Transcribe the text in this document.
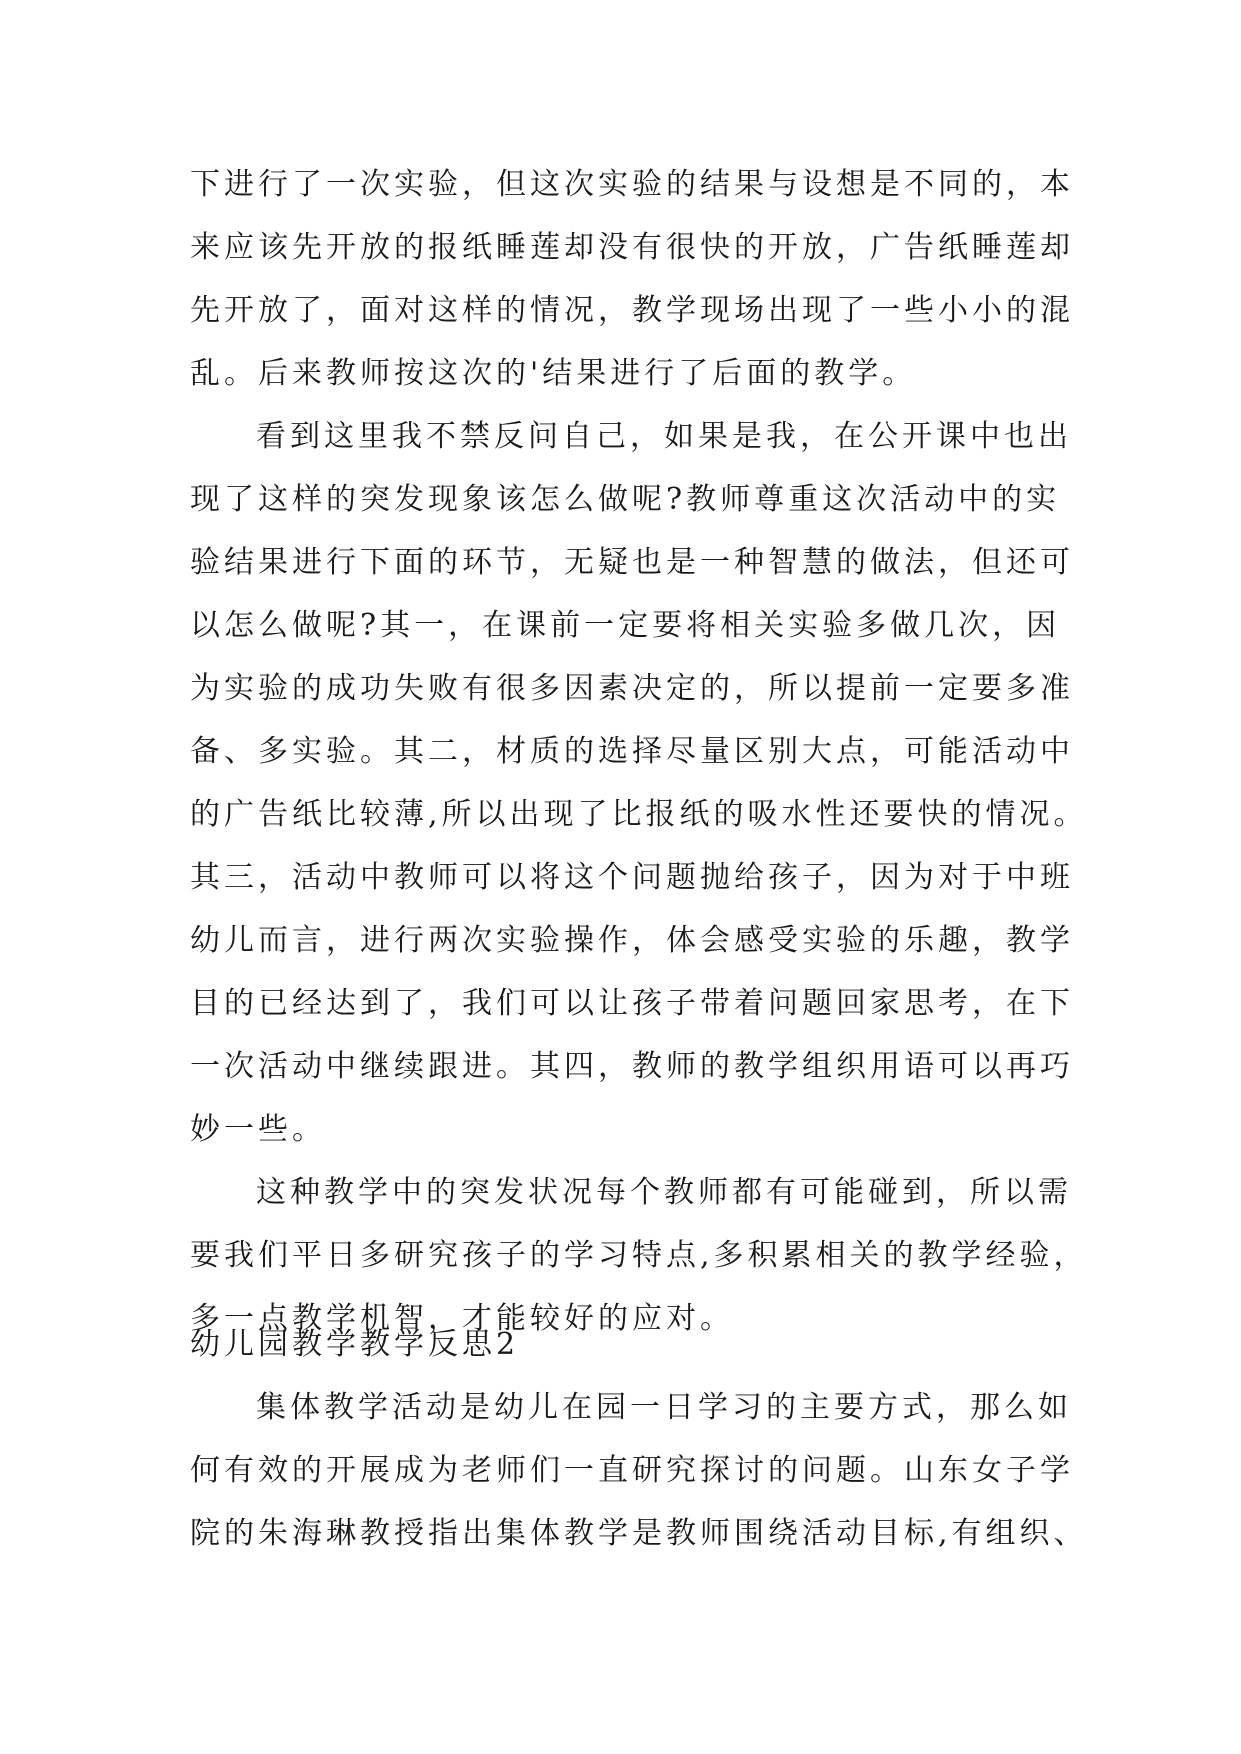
下进行了一次实验，但这次实验的结果与设想是不同的，本
来应该先开放的报纸睡莲却没有很快的开放，广告纸睡莲却
先开放了，面对这样的情况，教学现场出现了一些小小的混
乱。后来教师按这次的'结果进行了后面的教学。
看到这里我不禁反问自己，如果是我，在公开课中也出
现了这样的突发现象该怎么做呢?教师尊重这次活动中的实
验结果进行下面的环节，无疑也是一种智慧的做法，但还可
以怎么做呢?其一，在课前一定要将相关实验多做几次，因
为实验的成功失败有很多因素决定的，所以提前一定要多准
备、多实验。其二，材质的选择尽量区别大点，可能活动中
的广告纸比较薄,所以出现了比报纸的吸水性还要快的情况。
其三，活动中教师可以将这个问题抛给孩子，因为对于中班
幼儿而言，进行两次实验操作，体会感受实验的乐趣，教学
目的已经达到了，我们可以让孩子带着问题回家思考，在下
一次活动中继续跟进。其四，教师的教学组织用语可以再巧
妙一些。
这种教学中的突发状况每个教师都有可能碰到，所以需
要我们平日多研究孩子的学习特点,多积累相关的教学经验，
多一点教学机智，才能较好的应对。
幼儿园教学教学反思2
集体教学活动是幼儿在园一日学习的主要方式，那么如
何有效的开展成为老师们一直研究探讨的问题。山东女子学
院的朱海琳教授指出集体教学是教师围绕活动目标,有组织、
